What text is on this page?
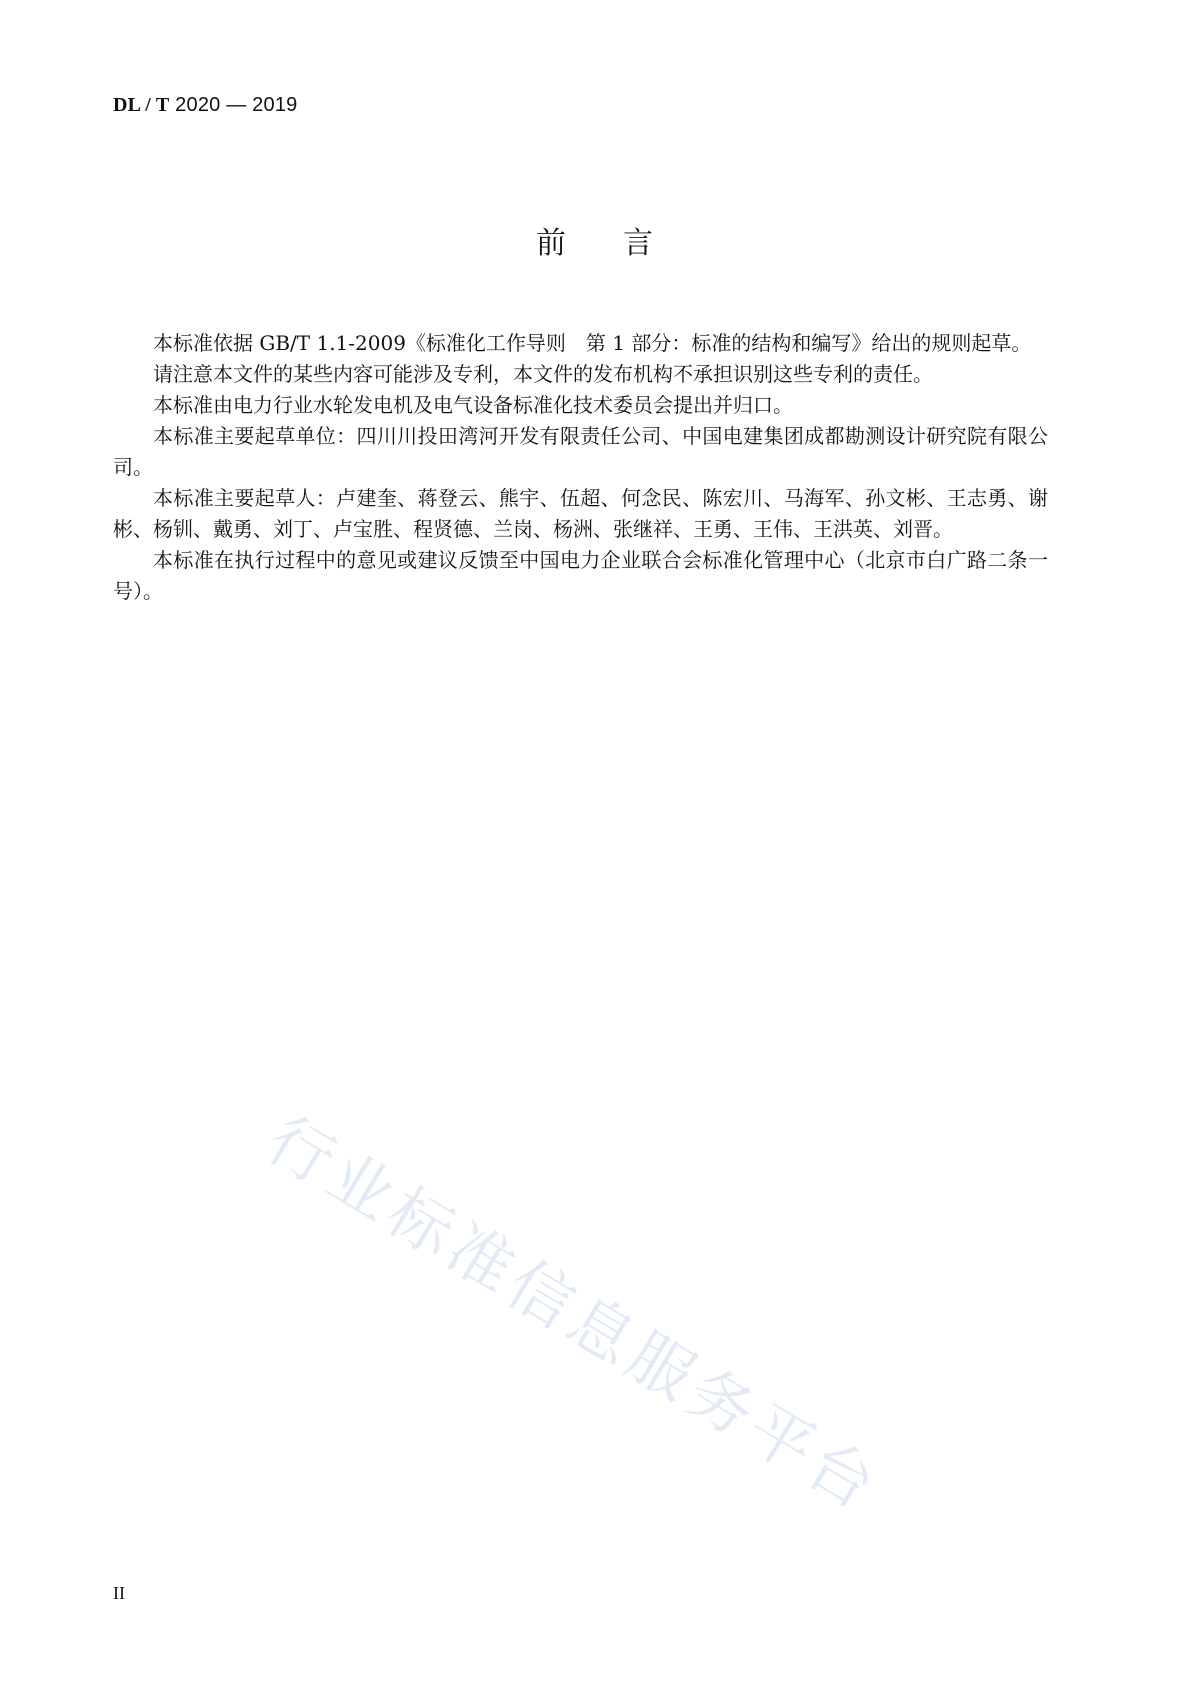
DL / T 2020 — 2019
前 言

本标准依据 GB/T 1.1-2009《标准化工作导则　第 1 部分：标准的结构和编写》给出的规则起草。

请注意本文件的某些内容可能涉及专利，本文件的发布机构不承担识别这些专利的责任。

本标准由电力行业水轮发电机及电气设备标准化技术委员会提出并归口。

本标准主要起草单位：四川川投田湾河开发有限责任公司、中国电建集团成都勘测设计研究院有限公司。

本标准主要起草人：卢建奎、蒋登云、熊宇、伍超、何念民、陈宏川、马海军、孙文彬、王志勇、谢彬、杨钏、戴勇、刘丁、卢宝胜、程贤德、兰岗、杨洲、张继祥、王勇、王伟、王洪英、刘晋。

本标准在执行过程中的意见或建议反馈至中国电力企业联合会标准化管理中心（北京市白广路二条一号）。

行业标准信息服务平台
II
